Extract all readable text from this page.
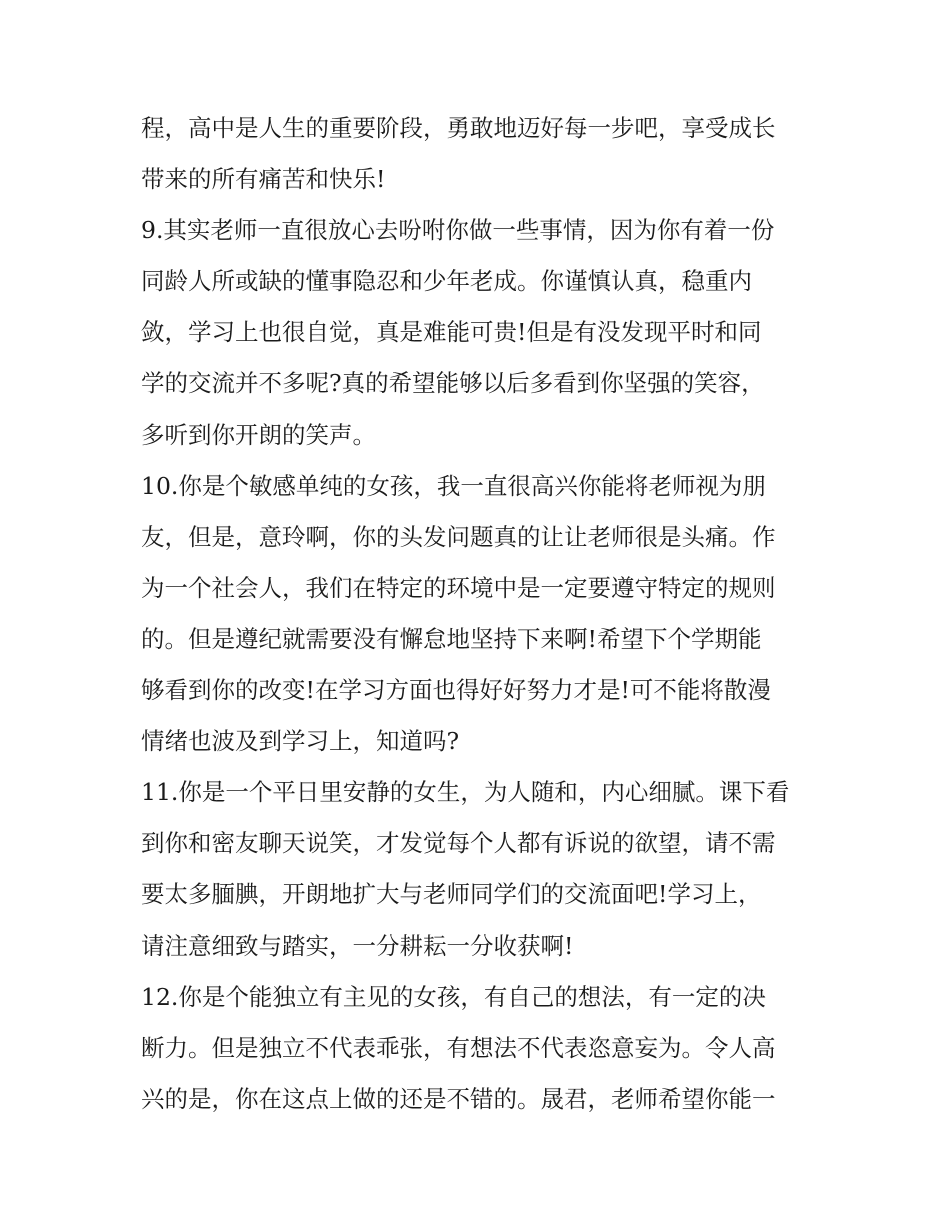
程，高中是人生的重要阶段，勇敢地迈好每一步吧，享受成长
带来的所有痛苦和快乐!
9.其实老师一直很放心去吩咐你做一些事情，因为你有着一份
同龄人所或缺的懂事隐忍和少年老成。你谨慎认真，稳重内
敛，学习上也很自觉，真是难能可贵!但是有没发现平时和同
学的交流并不多呢?真的希望能够以后多看到你坚强的笑容，
多听到你开朗的笑声。
10.你是个敏感单纯的女孩，我一直很高兴你能将老师视为朋
友，但是，意玲啊，你的头发问题真的让让老师很是头痛。作
为一个社会人，我们在特定的环境中是一定要遵守特定的规则
的。但是遵纪就需要没有懈怠地坚持下来啊!希望下个学期能
够看到你的改变!在学习方面也得好好努力才是!可不能将散漫
情绪也波及到学习上，知道吗?
11.你是一个平日里安静的女生，为人随和，内心细腻。课下看
到你和密友聊天说笑，才发觉每个人都有诉说的欲望，请不需
要太多腼腆，开朗地扩大与老师同学们的交流面吧!学习上，
请注意细致与踏实，一分耕耘一分收获啊!
12.你是个能独立有主见的女孩，有自己的想法，有一定的决
断力。但是独立不代表乖张，有想法不代表恣意妄为。令人高
兴的是，你在这点上做的还是不错的。晟君，老师希望你能一
